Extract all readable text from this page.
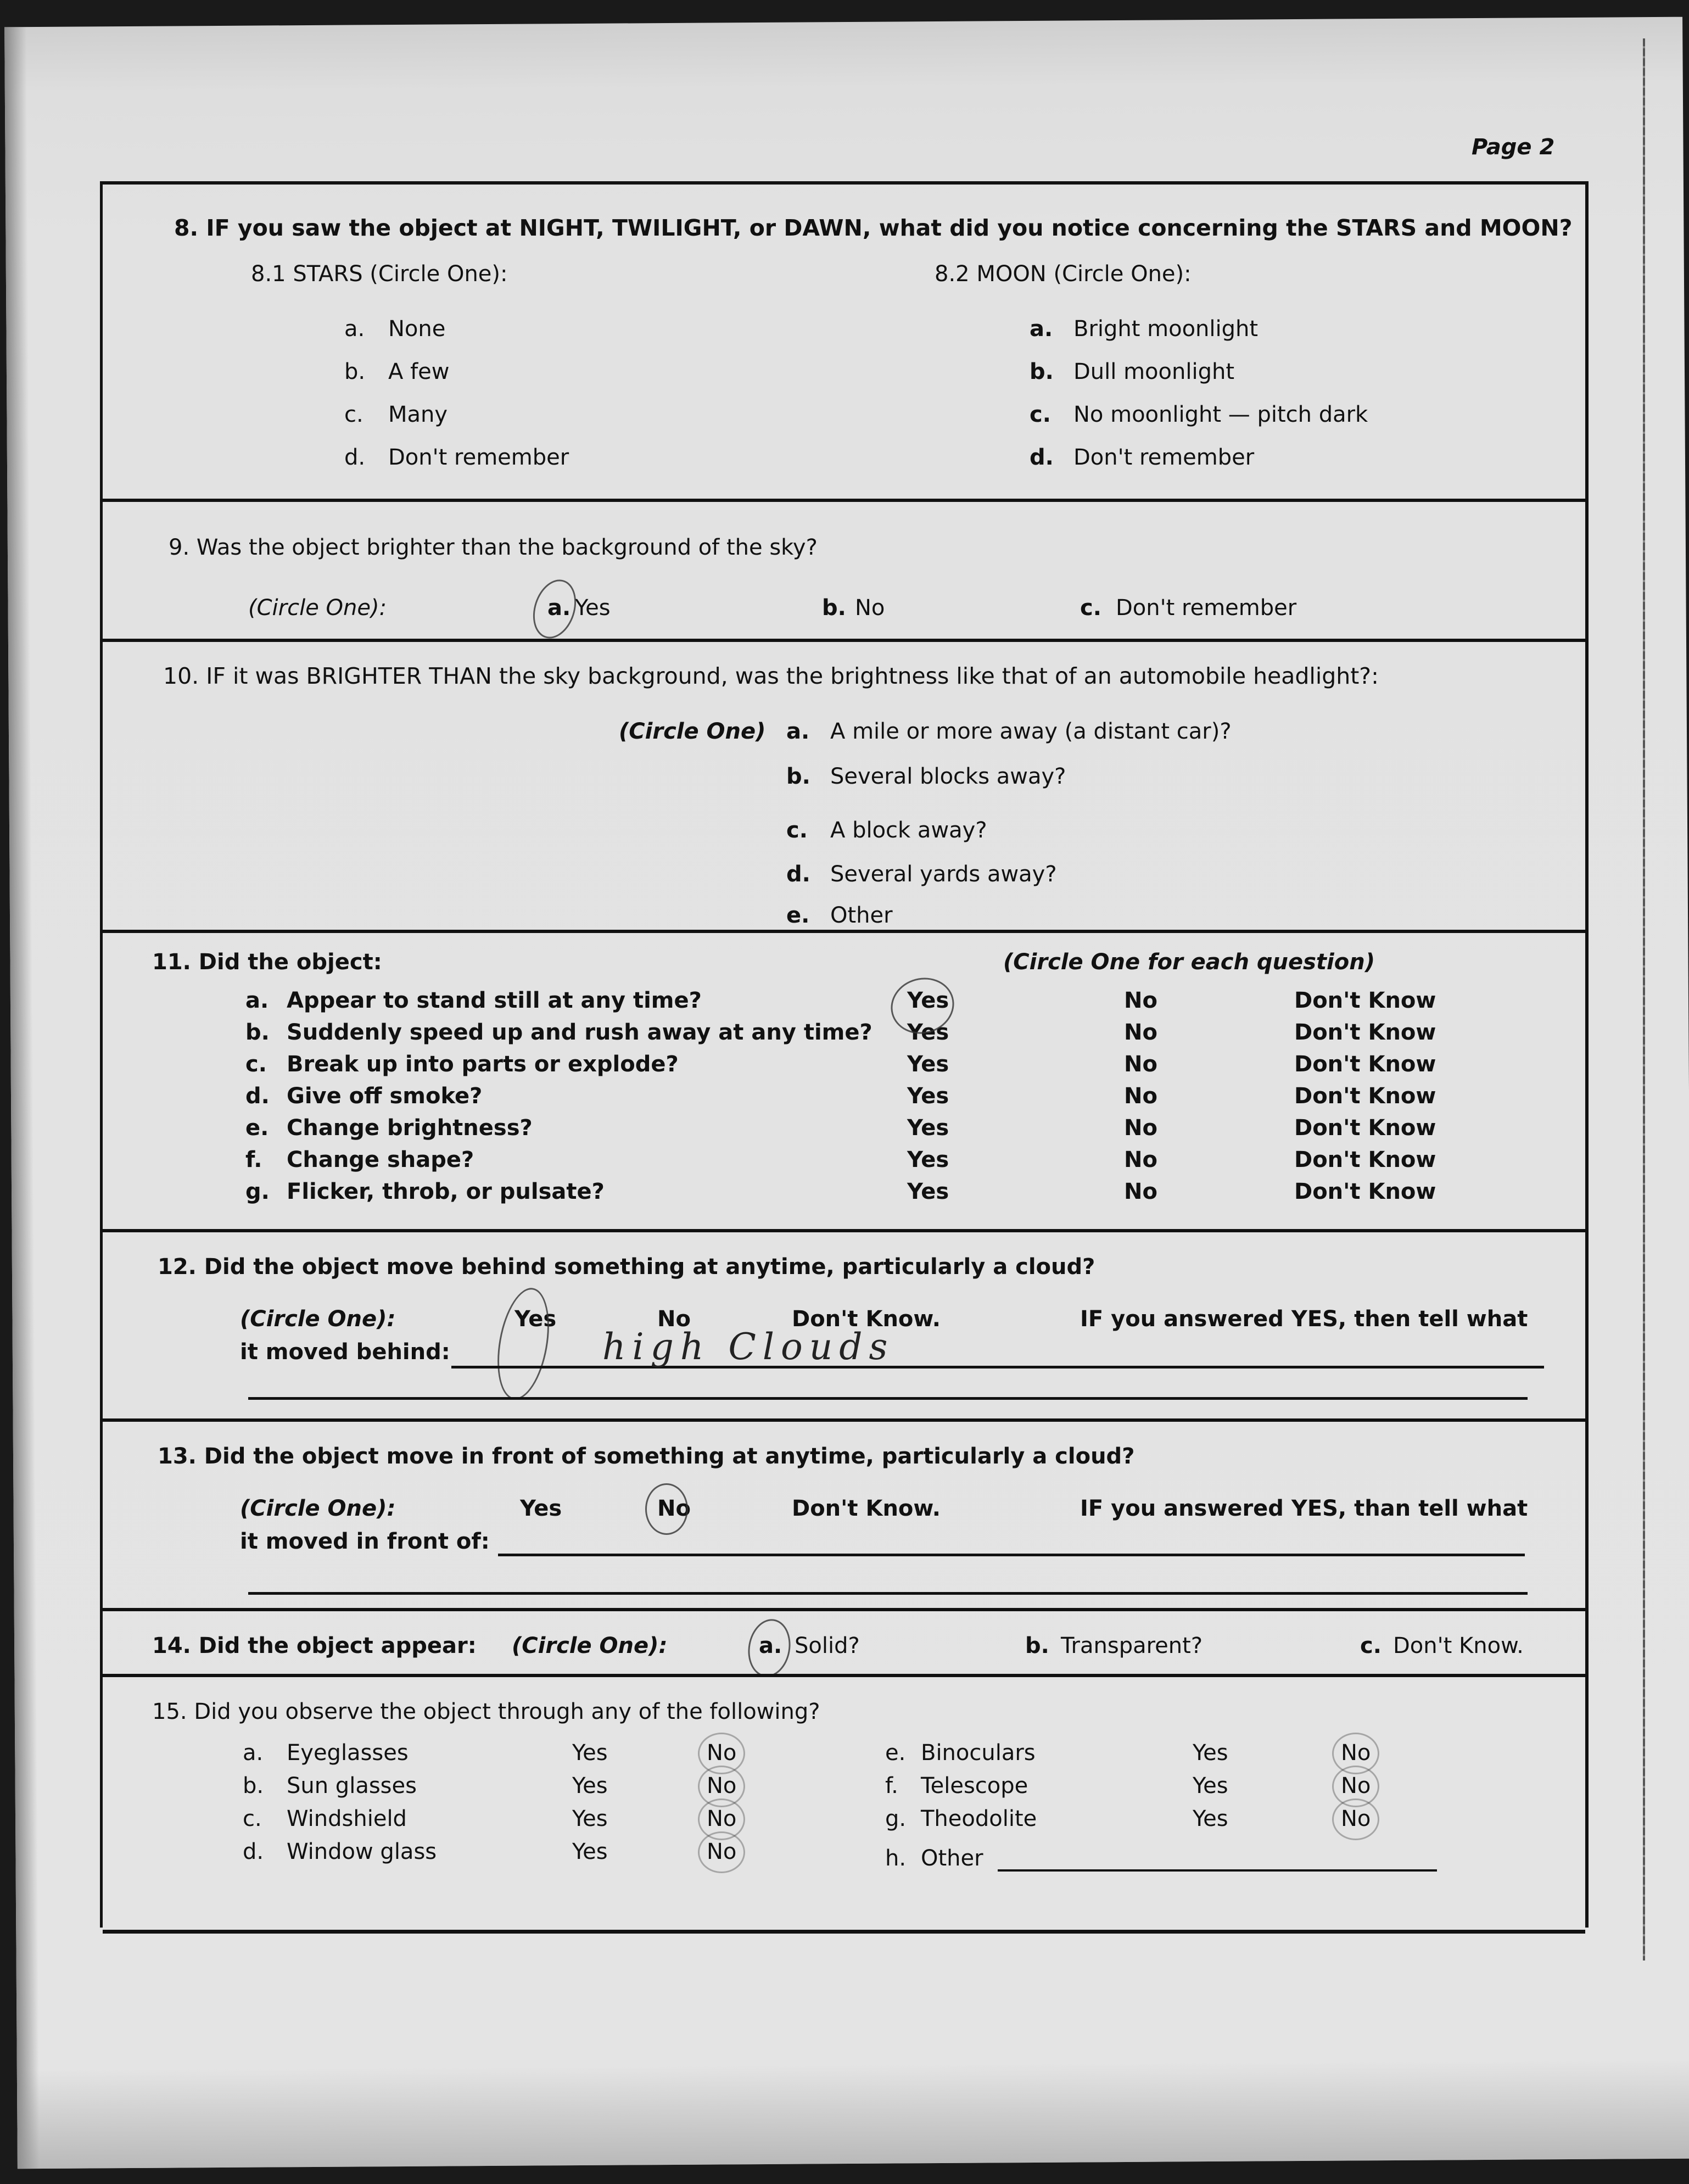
Page 2
8. IF you saw the object at NIGHT, TWILIGHT, or DAWN, what did you notice concerning the STARS and MOON?
8.1 STARS (Circle One):	8.2 MOON (Circle One):
a. None
b. A few
c. Many
d. Don't remember
a. Bright moonlight
b. Dull moonlight
c. No moonlight — pitch dark
d. Don't remember
9. Was the object brighter than the background of the sky?
(Circle One):	a. Yes	b. No	c. Don't remember
10. IF it was BRIGHTER THAN the sky background, was the brightness like that of an automobile headlight?:
(Circle One) a. A mile or more away (a distant car)?
b. Several blocks away?
c. A block away?
d. Several yards away?
e. Other
11. Did the object:	(Circle One for each question)
a. Appear to stand still at any time?	Yes	No	Don't Know
b. Suddenly speed up and rush away at any time? Yes	No	Don't Know
c. Break up into parts or explode?	Yes	No	Don't Know
d. Give off smoke?	Yes	No	Don't Know
e. Change brightness?	Yes	No	Don't Know
f. Change shape?	Yes	No	Don't Know
g. Flicker, throb, or pulsate?	Yes	No	Don't Know
12. Did the object move behind something at anytime, particularly a cloud?
(Circle One):	Yes	No	Don't Know.	IF you answered YES, then tell what
it moved behind:	high Clouds
13. Did the object move in front of something at anytime, particularly a cloud?
(Circle One):	Yes	No	Don't Know.	IF you answered YES, than tell what
it moved in front of:
14. Did the object appear: (Circle One):	a. Solid?	b. Transparent?	c. Don't Know.
15. Did you observe the object through any of the following?
a. Eyeglasses	Yes	No
b. Sun glasses	Yes	No
c. Windshield	Yes	No
d. Window glass	Yes	No
e. Binoculars	Yes	No
f. Telescope	Yes	No
g. Theodolite	Yes	No
h. Other
